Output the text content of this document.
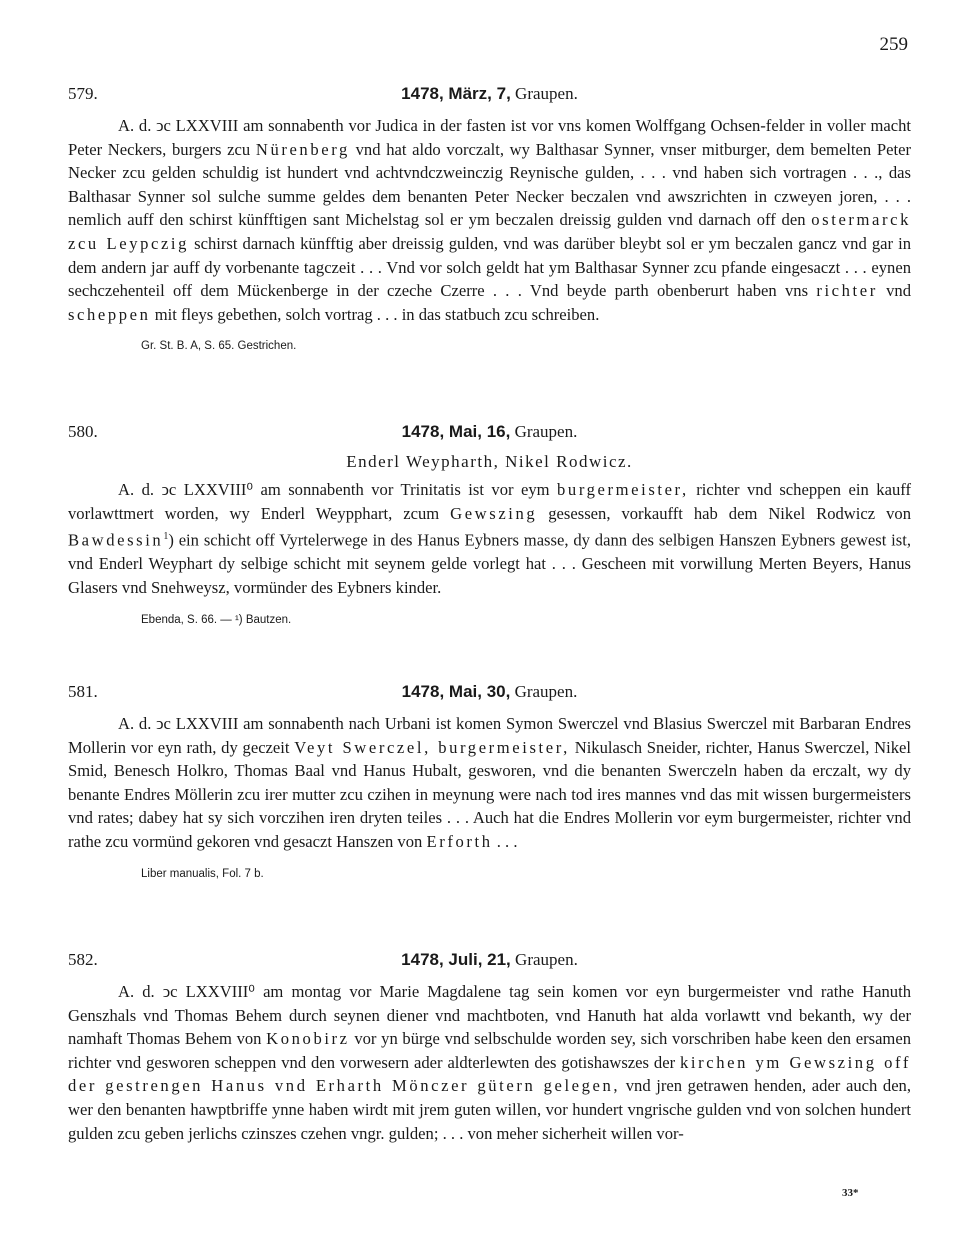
259
579.	1478, März, 7, Graupen.

A. d. ͻc LXXVIII am sonnabenth vor Judica in der fasten ist vor vns komen Wolffgang Ochsen-felder in voller macht Peter Neckers, burgers zcu Nürenberg vnd hat aldo vorczalt, wy Balthasar Synner, vnser mitburger, dem bemelten Peter Necker zcu gelden schuldig ist hundert vnd achtvndczweinczig Reynische gulden, . . . vnd haben sich vortragen . . ., das Balthasar Synner sol sulche summe geldes dem benanten Peter Necker beczalen vnd awszrichten in czweyen joren, . . . nemlich auff den schirst künfftigen sant Michelstag sol er ym beczalen dreissig gulden vnd darnach off den ostermarck zcu Leypczig schirst darnach künfftig aber dreissig gulden, vnd was darüber bleybt sol er ym beczalen gancz vnd gar in dem andern jar auff dy vorbenante tagczeit . . . Vnd vor solch geldt hat ym Balthasar Synner zcu pfande eingesaczt . . . eynen sechczehenteil off dem Mückenberge in der czeche Czerre . . . Vnd beyde parth obenberurt haben vns richter vnd scheppen mit fleys gebethen, solch vortrag . . . in das statbuch zcu schreiben.

Gr. St. B. A, S. 65. Gestrichen.
580.	1478, Mai, 16, Graupen.
Enderl Weypharth, Nikel Rodwicz.

A. d. ͻc LXXVIII⁰ am sonnabenth vor Trinitatis ist vor eym burgermeister, richter vnd scheppen ein kauff vorlawttmert worden, wy Enderl Weypphart, zcum Gewszing gesessen, vorkaufft hab dem Nikel Rodwicz von Bawdessin$^1$) ein schicht off Vyrtelerwege in des Hanus Eybners masse, dy dann des selbigen Hanszen Eybners gewest ist, vnd Enderl Weyphart dy selbige schicht mit seynem gelde vorlegt hat . . . Gescheen mit vorwillung Merten Beyers, Hanus Glasers vnd Snehweysz, vormünder des Eybners kinder.

Ebenda, S. 66. — ¹) Bautzen.
581.	1478, Mai, 30, Graupen.

A. d. ͻc LXXVIII am sonnabenth nach Urbani ist komen Symon Swerczel vnd Blasius Swerczel mit Barbaran Endres Mollerin vor eyn rath, dy geczeit Veyt Swerczel, burgermeister, Nikulasch Sneider, richter, Hanus Swerczel, Nikel Smid, Benesch Holkro, Thomas Baal vnd Hanus Hubalt, gesworen, vnd die benanten Swerczeln haben da erczalt, wy dy benante Endres Möllerin zcu irer mutter zcu czihen in meynung were nach tod ires mannes vnd das mit wissen burgermeisters vnd rates; dabey hat sy sich vorczihen iren dryten teiles . . . Auch hat die Endres Mollerin vor eym burgermeister, richter vnd rathe zcu vormünd gekoren vnd gesaczt Hanszen von Erforth . . .

Liber manualis, Fol. 7 b.
582.	1478, Juli, 21, Graupen.

A. d. ͻc LXXVIII⁰ am montag vor Marie Magdalene tag sein komen vor eyn burgermeister vnd rathe Hanuth Genszhals vnd Thomas Behem durch seynen diener vnd machtboten, vnd Hanuth hat alda vorlawtt vnd bekanth, wy der namhaft Thomas Behem von Konobirz vor yn bürge vnd selbschulde worden sey, sich vorschriben habe keen den ersamen richter vnd gesworen scheppen vnd den vorwesern ader aldterlewten des gotishawszes der kirchen ym Gewszing off der gestrengen Hanus vnd Erharth Mönczer gütern gelegen, vnd jren getrawen henden, ader auch den, wer den benanten hawptbriffe ynne haben wirdt mit jrem guten willen, vor hundert vngrische gulden vnd von solchen hundert gulden zcu geben jerlichs czinszes czehen vngr. gulden; . . . von meher sicherheit willen vor-

33*
